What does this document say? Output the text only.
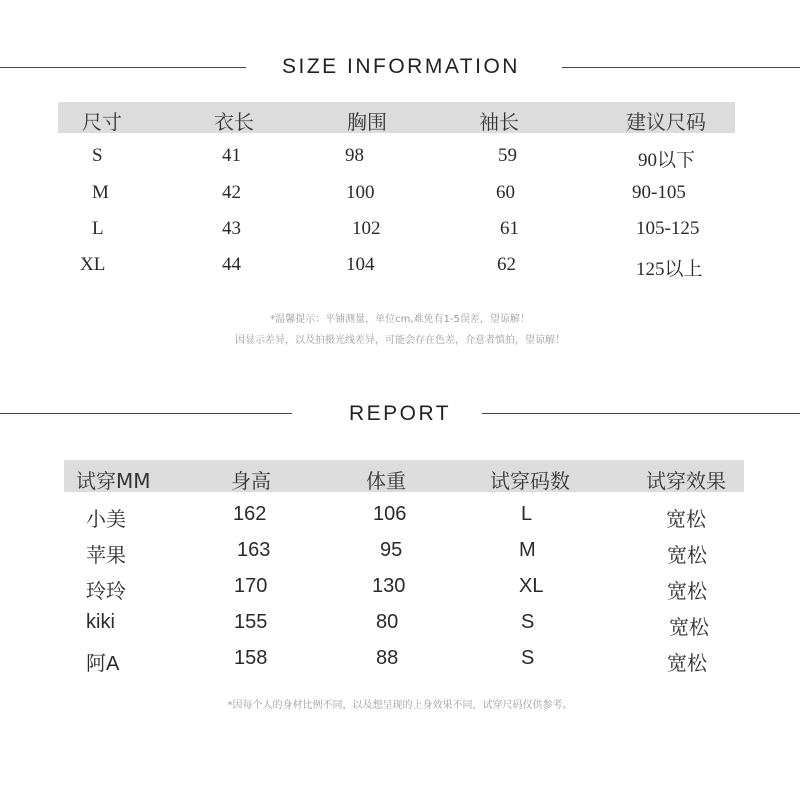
SIZE INFORMATION
尺寸	衣长	胸围	袖长	建议尺码
S	41	98	59	90以下
M	42	100	60	90-105
L	43	102	61	105-125
XL	44	104	62	125以上
*温馨提示：平铺测量，单位cm,难免有1-5误差，望谅解！
因显示差异，以及拍摄光线差异，可能会存在色差，介意者慎拍，望谅解！
REPORT
试穿MM	身高	体重	试穿码数	试穿效果
小美	162	106	L	宽松
苹果	163	95	M	宽松
玲玲	170	130	XL	宽松
kiki	155	80	S	宽松
阿A	158	88	S	宽松
*因每个人的身材比例不同，以及想呈现的上身效果不同，试穿尺码仅供参考。
